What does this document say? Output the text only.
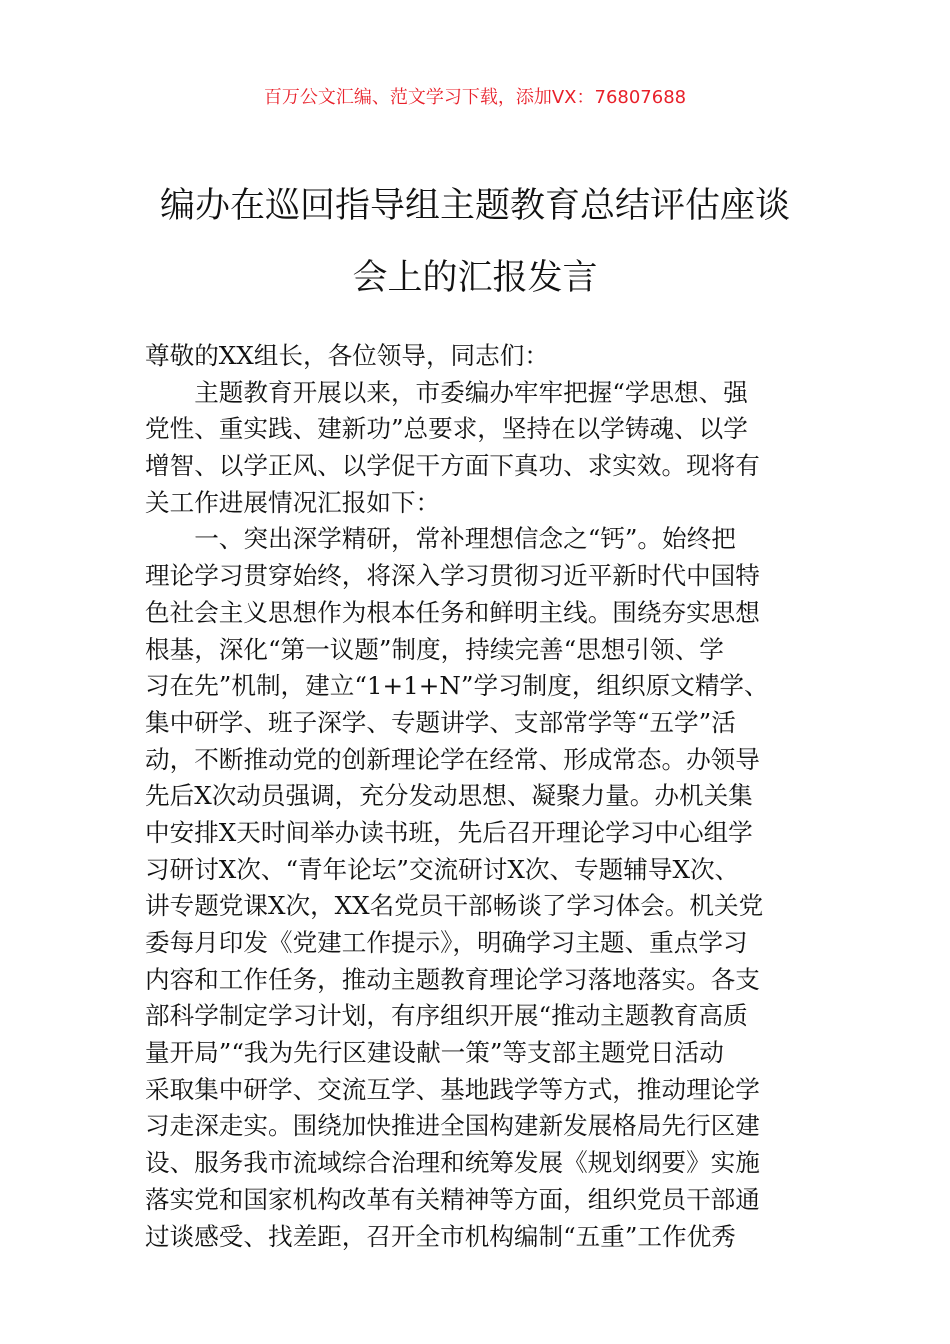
百万公文汇编、范文学习下载，添加VX：76807688
编办在巡回指导组主题教育总结评估座谈
会上的汇报发言
尊敬的XX组长，各位领导，同志们：
　　主题教育开展以来，市委编办牢牢把握“学思想、强
党性、重实践、建新功”总要求，坚持在以学铸魂、以学
增智、以学正风、以学促干方面下真功、求实效。现将有
关工作进展情况汇报如下：
　　一、突出深学精研，常补理想信念之“钙”。始终把
理论学习贯穿始终，将深入学习贯彻习近平新时代中国特
色社会主义思想作为根本任务和鲜明主线。围绕夯实思想
根基，深化“第一议题”制度，持续完善“思想引领、学
习在先”机制，建立“1+1+N”学习制度，组织原文精学、
集中研学、班子深学、专题讲学、支部常学等“五学”活
动，不断推动党的创新理论学在经常、形成常态。办领导
先后X次动员强调，充分发动思想、凝聚力量。办机关集
中安排X天时间举办读书班，先后召开理论学习中心组学
习研讨X次、“青年论坛”交流研讨X次、专题辅导X次、
讲专题党课X次，XX名党员干部畅谈了学习体会。机关党
委每月印发《党建工作提示》，明确学习主题、重点学习
内容和工作任务，推动主题教育理论学习落地落实。各支
部科学制定学习计划，有序组织开展“推动主题教育高质
量开局”“我为先行区建设献一策”等支部主题党日活动
采取集中研学、交流互学、基地践学等方式，推动理论学
习走深走实。围绕加快推进全国构建新发展格局先行区建
设、服务我市流域综合治理和统筹发展《规划纲要》实施
落实党和国家机构改革有关精神等方面，组织党员干部通
过谈感受、找差距，召开全市机构编制“五重”工作优秀
